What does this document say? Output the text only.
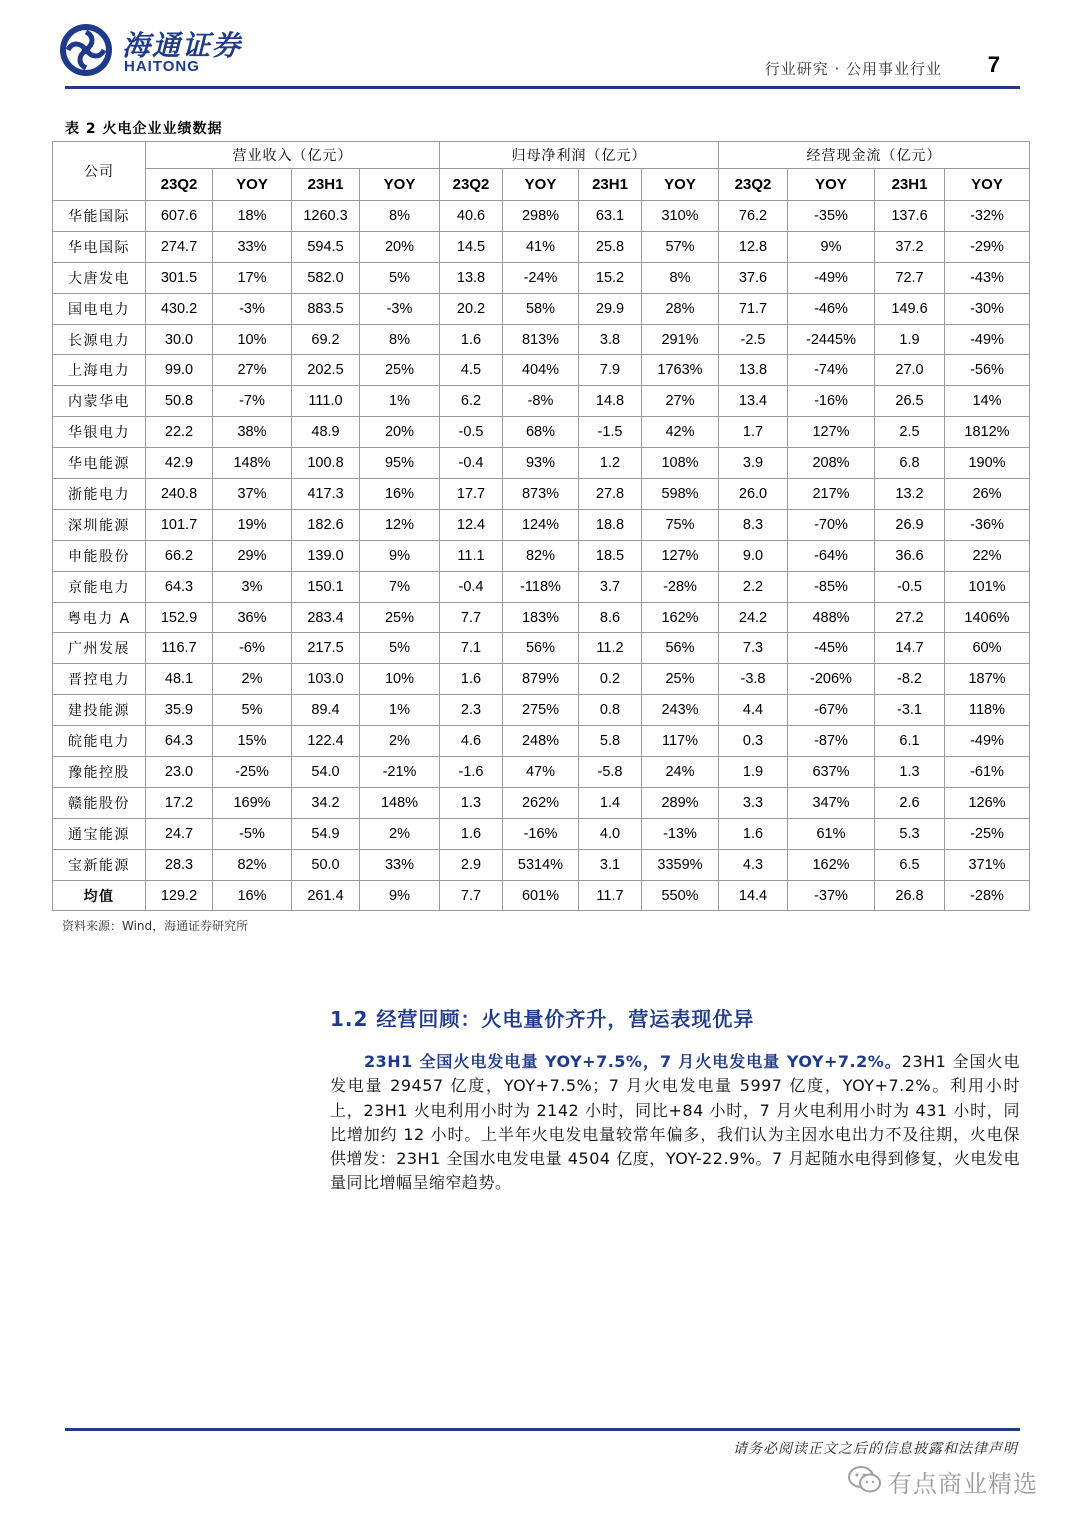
海通证券
HAITONG	行业研究 · 公用事业行业 7
表 2 火电企业业绩数据
公司	营业收入（亿元）				归母净利润（亿元）				经营现金流（亿元）			
	23Q2	YOY	23H1	YOY	23Q2	YOY	23H1	YOY	23Q2	YOY	23H1	YOY
华能国际	607.6	18%	1260.3	8%	40.6	298%	63.1	310%	76.2	-35%	137.6	-32%
华电国际	274.7	33%	594.5	20%	14.5	41%	25.8	57%	12.8	9%	37.2	-29%
大唐发电	301.5	17%	582.0	5%	13.8	-24%	15.2	8%	37.6	-49%	72.7	-43%
国电电力	430.2	-3%	883.5	-3%	20.2	58%	29.9	28%	71.7	-46%	149.6	-30%
长源电力	30.0	10%	69.2	8%	1.6	813%	3.8	291%	-2.5	-2445%	1.9	-49%
上海电力	99.0	27%	202.5	25%	4.5	404%	7.9	1763%	13.8	-74%	27.0	-56%
内蒙华电	50.8	-7%	111.0	1%	6.2	-8%	14.8	27%	13.4	-16%	26.5	14%
华银电力	22.2	38%	48.9	20%	-0.5	68%	-1.5	42%	1.7	127%	2.5	1812%
华电能源	42.9	148%	100.8	95%	-0.4	93%	1.2	108%	3.9	208%	6.8	190%
浙能电力	240.8	37%	417.3	16%	17.7	873%	27.8	598%	26.0	217%	13.2	26%
深圳能源	101.7	19%	182.6	12%	12.4	124%	18.8	75%	8.3	-70%	26.9	-36%
申能股份	66.2	29%	139.0	9%	11.1	82%	18.5	127%	9.0	-64%	36.6	22%
京能电力	64.3	3%	150.1	7%	-0.4	-118%	3.7	-28%	2.2	-85%	-0.5	101%
粤电力 A	152.9	36%	283.4	25%	7.7	183%	8.6	162%	24.2	488%	27.2	1406%
广州发展	116.7	-6%	217.5	5%	7.1	56%	11.2	56%	7.3	-45%	14.7	60%
晋控电力	48.1	2%	103.0	10%	1.6	879%	0.2	25%	-3.8	-206%	-8.2	187%
建投能源	35.9	5%	89.4	1%	2.3	275%	0.8	243%	4.4	-67%	-3.1	118%
皖能电力	64.3	15%	122.4	2%	4.6	248%	5.8	117%	0.3	-87%	6.1	-49%
豫能控股	23.0	-25%	54.0	-21%	-1.6	47%	-5.8	24%	1.9	637%	1.3	-61%
赣能股份	17.2	169%	34.2	148%	1.3	262%	1.4	289%	3.3	347%	2.6	126%
通宝能源	24.7	-5%	54.9	2%	1.6	-16%	4.0	-13%	1.6	61%	5.3	-25%
宝新能源	28.3	82%	50.0	33%	2.9	5314%	3.1	3359%	4.3	162%	6.5	371%
均值	129.2	16%	261.4	9%	7.7	601%	11.7	550%	14.4	-37%	26.8	-28%
资料来源：Wind，海通证券研究所
1.2 经营回顾：火电量价齐升，营运表现优异
23H1 全国火电发电量 YOY+7.5%，7 月火电发电量 YOY+7.2%。23H1 全国火电发电量 29457 亿度，YOY+7.5%；7 月火电发电量 5997 亿度，YOY+7.2%。利用小时上，23H1 火电利用小时为 2142 小时，同比+84 小时，7 月火电利用小时为 431 小时，同比增加约 12 小时。上半年火电发电量较常年偏多，我们认为主因水电出力不及往期，火电保供增发：23H1 全国水电发电量 4504 亿度，YOY-22.9%。7 月起随水电得到修复，火电发电量同比增幅呈缩窄趋势。
请务必阅读正文之后的信息披露和法律声明
有点商业精选
